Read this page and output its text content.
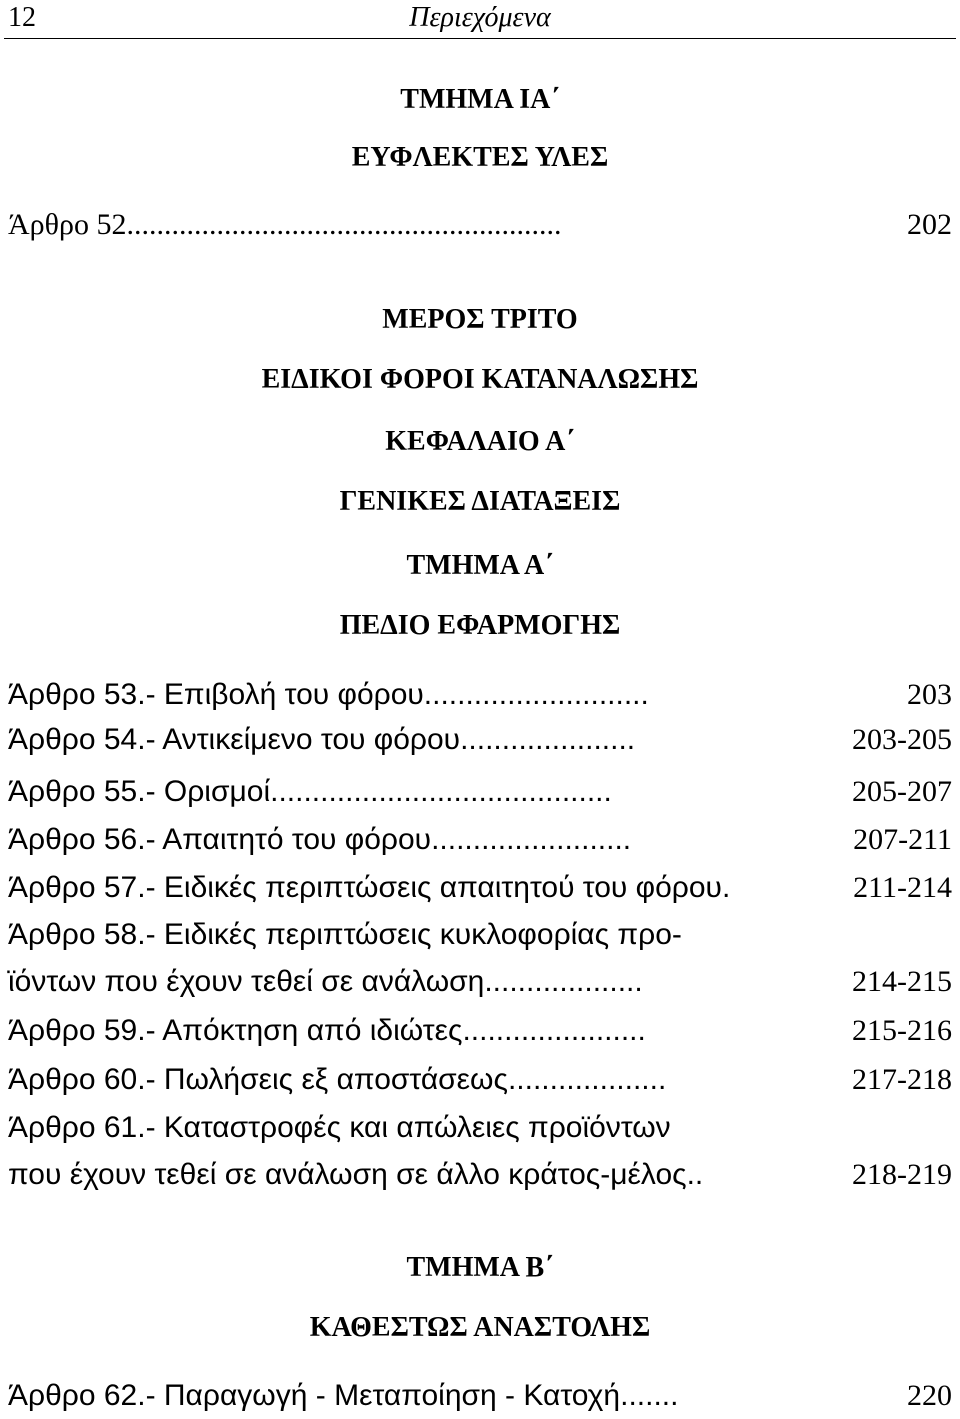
12	Περιεχόμενα
ΤΜΗΜΑ ΙΑ΄
ΕΥΦΛΕΚΤΕΣ ΥΛΕΣ
Άρθρο 52..........................................................	202
ΜΕΡΟΣ ΤΡΙΤΟ
ΕΙΔΙΚΟΙ ΦΟΡΟΙ ΚΑΤΑΝΑΛΩΣΗΣ
ΚΕΦΑΛΑΙΟ Α΄
ΓΕΝΙΚΕΣ ΔΙΑΤΑΞΕΙΣ
ΤΜΗΜΑ Α΄
ΠΕΔΙΟ ΕΦΑΡΜΟΓΗΣ
Άρθρο 53.- Επιβολή του φόρου...........................	203
Άρθρο 54.- Αντικείμενο του φόρου.....................	203-205
Άρθρο 55.- Ορισμοί.........................................	205-207
Άρθρο 56.- Απαιτητό του φόρου........................	207-211
Άρθρο 57.- Ειδικές περιπτώσεις απαιτητού του φόρου.	211-214
Άρθρο 58.- Ειδικές περιπτώσεις κυκλοφορίας προ-
ϊόντων που έχουν τεθεί σε ανάλωση...................	214-215
Άρθρο 59.- Απόκτηση από ιδιώτες......................	215-216
Άρθρο 60.- Πωλήσεις εξ αποστάσεως...................	217-218
Άρθρο 61.- Καταστροφές και απώλειες προϊόντων
που έχουν τεθεί σε ανάλωση σε άλλο κράτος-μέλος..	218-219
ΤΜΗΜΑ Β΄
ΚΑΘΕΣΤΩΣ ΑΝΑΣΤΟΛΗΣ
Άρθρο 62.- Παραγωγή - Μεταποίηση - Κατοχή.......	220
